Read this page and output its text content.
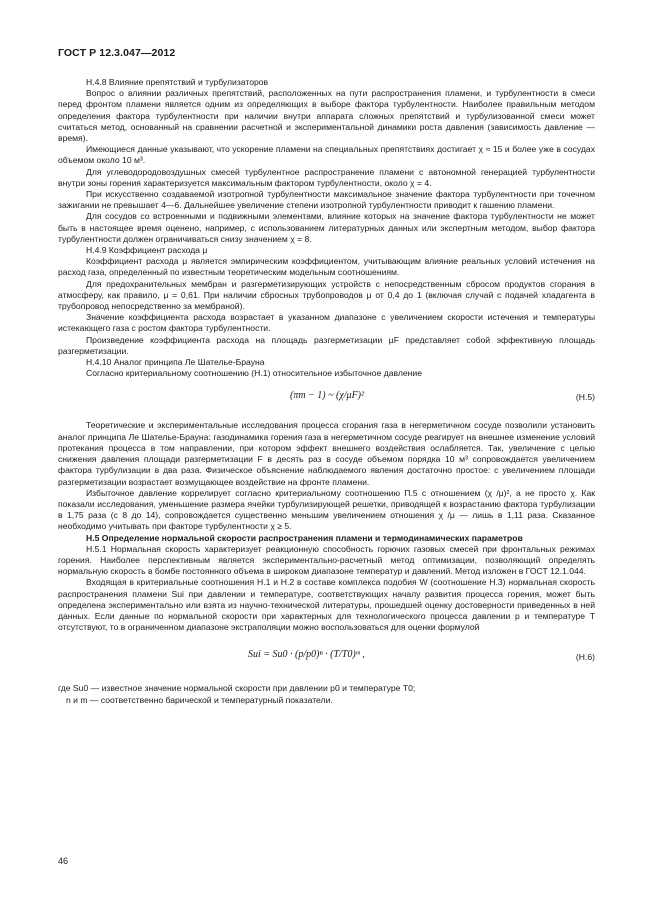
ГОСТ Р 12.3.047—2012

Н.4.8 Влияние препятствий и турбулизаторов

Вопрос о влиянии различных препятствий, расположенных на пути распространения пламени, и турбулентности в смеси перед фронтом пламени является одним из определяющих в выборе фактора турбулентности. Наиболее правильным методом определения фактора турбулентности при наличии внутри аппарата сложных препятствий и турбулизованной смеси может считаться метод, основанный на сравнении расчетной и экспериментальной динамики роста давления (зависимость давление — время).

Имеющиеся данные указывают, что ускорение пламени на специальных препятствиях достигает χ ≈ 15 и более уже в сосудах объемом около 10 м³.

Для углеводородовоздушных смесей турбулентное распространение пламени с автономной генерацией турбулентности внутри зоны горения характеризуется максимальным фактором турбулентности, около χ = 4.

При искусственно создаваемой изотропной турбулентности максимальное значение фактора турбулентности при точечном зажигании не превышает 4—6. Дальнейшее увеличение степени изотропной турбулентности приводит к гашению пламени.

Для сосудов со встроенными и подвижными элементами, влияние которых на значение фактора турбулентности не может быть в настоящее время оценено, например, с использованием литературных данных или экспертным методом, выбор фактора турбулентности должен ограничиваться снизу значением χ = 8.

Н.4.9 Коэффициент расхода μ

Коэффициент расхода μ является эмпирическим коэффициентом, учитывающим влияние реальных условий истечения на расход газа, определенный по известным теоретическим модельным соотношениям.

Для предохранительных мембран и разгерметизирующих устройств с непосредственным сбросом продуктов сгорания в атмосферу, как правило, μ = 0,61. При наличии сбросных трубопроводов μ от 0,4 до 1 (включая случай с подачей хладагента в трубопровод непосредственно за мембраной).

Значение коэффициента расхода возрастает в указанном диапазоне с увеличением скорости истечения и температуры истекающего газа с ростом фактора турбулентности.

Произведение коэффициента расхода на площадь разгерметизации μF представляет собой эффективную площадь разгерметизации.

Н.4.10 Аналог принципа Ле Шателье-Брауна

Согласно критериальному соотношению (Н.1) относительное избыточное давление

(πm − 1) ~ (χ/μF)²	(Н.5)

Теоретические и экспериментальные исследования процесса сгорания газа в негерметичном сосуде позволили установить аналог принципа Ле Шателье-Брауна: газодинамика горения газа в негерметичном сосуде реагирует на внешнее изменение условий протекания процесса в том направлении, при котором эффект внешнего воздействия ослабляется. Так, увеличение с целью снижения давления площади разгерметизации F в десять раз в сосуде объемом порядка 10 м³ сопровождается увеличением фактора турбулизации в два раза. Физическое объяснение наблюдаемого явления достаточно простое: с увеличением площади разгерметизации возрастает возмущающее воздействие на фронте пламени.

Избыточное давление коррелирует согласно критериальному соотношению П.5 с отношением (χ /μ)², а не просто χ. Как показали исследования, уменьшение размера ячейки турбулизирующей решетки, приводящей к возрастанию фактора турбулизации в 1,75 раза (с 8 до 14), сопровождается существенно меньшим увеличением отношения χ /μ — лишь в 1,11 раза. Сказанное необходимо учитывать при факторе турбулентности χ ≥ 5.

Н.5 Определение нормальной скорости распространения пламени и термодинамических параметров

Н.5.1 Нормальная скорость характеризует реакционную способность горючих газовых смесей при фронтальных режимах горения. Наиболее перспективным является экспериментально-расчетный метод оптимизации, позволяющий определять нормальную скорость в бомбе постоянного объема в широком диапазоне температур и давлений. Метод изложен в ГОСТ 12.1.044.

Входящая в критериальные соотношения Н.1 и Н.2 в составе комплекса подобия W (соотношение Н.3) нормальная скорость распространения пламени Sui при давлении и температуре, соответствующих началу развития процесса горения, может быть определена экспериментально или взята из научно-технической литературы, прошедшей оценку достоверности приведенных в ней данных. Если данные по нормальной скорости при характерных для технологического процесса давлении p и температуре T отсутствуют, то в ограниченном диапазоне экстраполяции можно воспользоваться для оценки формулой

Sui = Su0 · (p/p0)ⁿ · (T/T0)ᵐ ,	(Н.6)

где Su0 — известное значение нормальной скорости при давлении p0 и температуре T0;

n и m — соответственно барической и температурный показатели.

46
